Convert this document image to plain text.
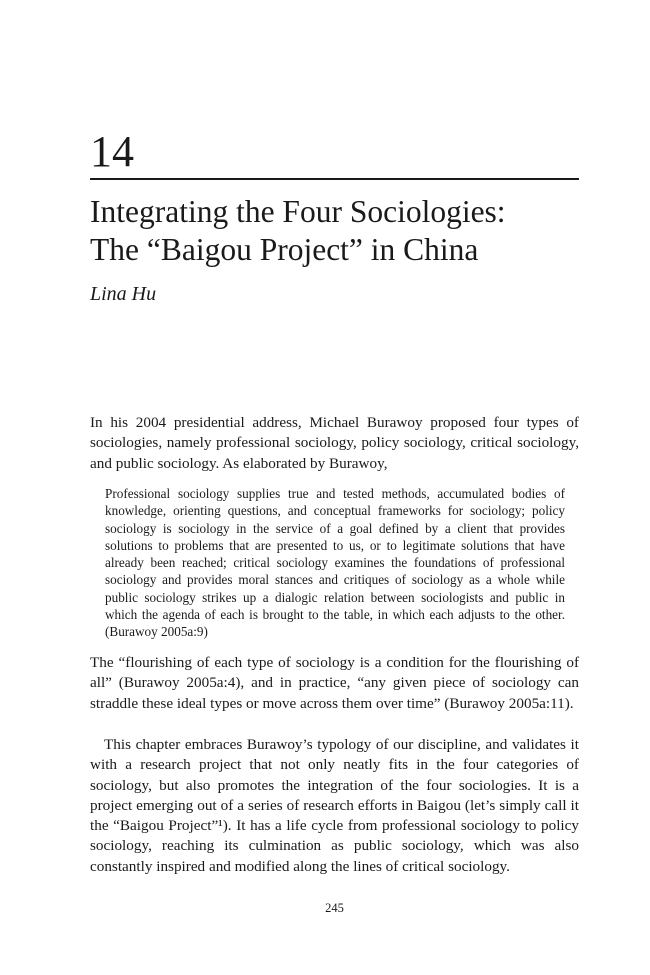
14
Integrating the Four Sociologies:
The “Baigou Project” in China
Lina Hu

In his 2004 presidential address, Michael Burawoy proposed four types of sociologies, namely professional sociology, policy sociology, critical sociology, and public sociology. As elaborated by Burawoy,

Professional sociology supplies true and tested methods, accumulated bodies of knowledge, orienting questions, and conceptual frameworks for sociology; policy sociology is sociology in the service of a goal defined by a client that provides solutions to problems that are presented to us, or to legitimate solutions that have already been reached; critical sociology examines the foundations of professional sociology and provides moral stances and critiques of sociology as a whole while public sociology strikes up a dialogic relation between sociologists and public in which the agenda of each is brought to the table, in which each adjusts to the other. (Burawoy 2005a:9)

The “flourishing of each type of sociology is a condition for the flourishing of all” (Burawoy 2005a:4), and in practice, “any given piece of sociology can straddle these ideal types or move across them over time” (Burawoy 2005a:11).

This chapter embraces Burawoy’s typology of our discipline, and validates it with a research project that not only neatly fits in the four categories of sociology, but also promotes the integration of the four sociologies. It is a project emerging out of a series of research efforts in Baigou (let’s simply call it the “Baigou Project”¹). It has a life cycle from professional sociology to policy sociology, reaching its culmination as public sociology, which was also constantly inspired and modified along the lines of critical sociology.

245
